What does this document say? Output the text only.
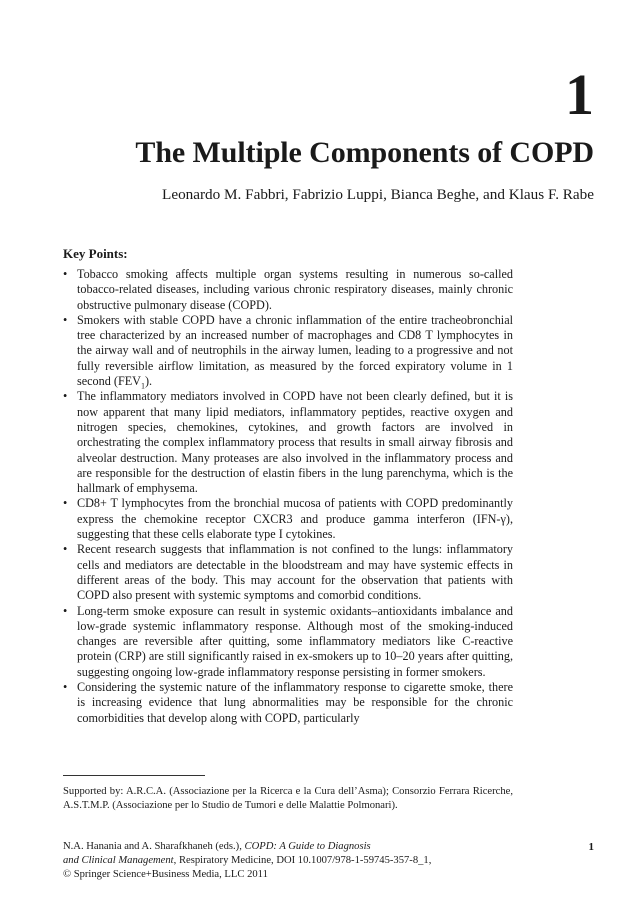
1
The Multiple Components of COPD

Leonardo M. Fabbri, Fabrizio Luppi, Bianca Beghe, and Klaus F. Rabe

Key Points:

• Tobacco smoking affects multiple organ systems resulting in numerous so-called tobacco-related diseases, including various chronic respiratory diseases, mainly chronic obstructive pulmonary disease (COPD).
• Smokers with stable COPD have a chronic inflammation of the entire tracheobronchial tree characterized by an increased number of macrophages and CD8 T lymphocytes in the airway wall and of neutrophils in the airway lumen, leading to a progressive and not fully reversible airflow limitation, as measured by the forced expiratory volume in 1 second $(FEV_1)$.
• The inflammatory mediators involved in COPD have not been clearly defined, but it is now apparent that many lipid mediators, inflammatory peptides, reactive oxygen and nitrogen species, chemokines, cytokines, and growth factors are involved in orchestrating the complex inflammatory process that results in small airway fibrosis and alveolar destruction. Many proteases are also involved in the inflammatory process and are responsible for the destruction of elastin fibers in the lung parenchyma, which is the hallmark of emphysema.
• CD8+ T lymphocytes from the bronchial mucosa of patients with COPD predominantly express the chemokine receptor CXCR3 and produce gamma interferon (IFN-γ), suggesting that these cells elaborate type I cytokines.
• Recent research suggests that inflammation is not confined to the lungs: inflammatory cells and mediators are detectable in the bloodstream and may have systemic effects in different areas of the body. This may account for the observation that patients with COPD also present with systemic symptoms and comorbid conditions.
• Long-term smoke exposure can result in systemic oxidants–antioxidants imbalance and low-grade systemic inflammatory response. Although most of the smoking-induced changes are reversible after quitting, some inflammatory mediators like C-reactive protein (CRP) are still significantly raised in ex-smokers up to 10–20 years after quitting, suggesting ongoing low-grade inflammatory response persisting in former smokers.
• Considering the systemic nature of the inflammatory response to cigarette smoke, there is increasing evidence that lung abnormalities may be responsible for the chronic comorbidities that develop along with COPD, particularly

Supported by: A.R.C.A. (Associazione per la Ricerca e la Cura dell’Asma); Consorzio Ferrara Ricerche, A.S.T.M.P. (Associazione per lo Studio de Tumori e delle Malattie Polmonari).

N.A. Hanania and A. Sharafkhaneh (eds.), COPD: A Guide to Diagnosis
and Clinical Management, Respiratory Medicine, DOI 10.1007/978-1-59745-357-8_1,
© Springer Science+Business Media, LLC 2011

1
